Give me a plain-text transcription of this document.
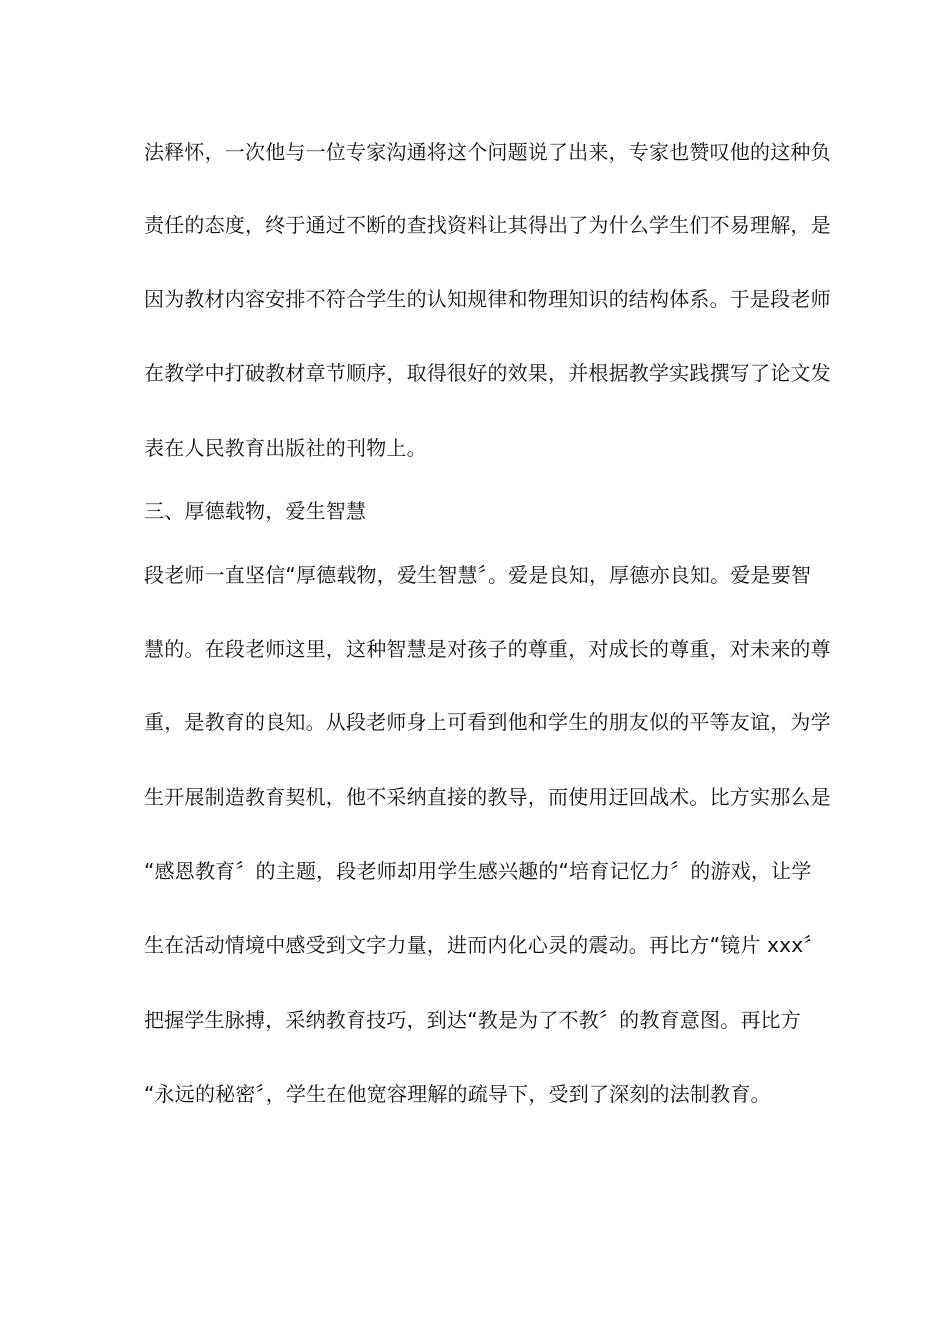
法释怀，一次他与一位专家沟通将这个问题说了出来，专家也赞叹他的这种负
责任的态度，终于通过不断的查找资料让其得出了为什么学生们不易理解，是
因为教材内容安排不符合学生的认知规律和物理知识的结构体系。于是段老师
在教学中打破教材章节顺序，取得很好的效果，并根据教学实践撰写了论文发
表在人民教育出版社的刊物上。
三、厚德载物，爱生智慧
段老师一直坚信“厚德载物，爱生智慧〞。爱是良知，厚德亦良知。爱是要智
慧的。在段老师这里，这种智慧是对孩子的尊重，对成长的尊重，对未来的尊
重，是教育的良知。从段老师身上可看到他和学生的朋友似的平等友谊，为学
生开展制造教育契机，他不采纳直接的教导，而使用迂回战术。比方实那么是
“感恩教育〞的主题，段老师却用学生感兴趣的“培育记忆力〞的游戏，让学
生在活动情境中感受到文字力量，进而内化心灵的震动。再比方“镜片 xxx〞
把握学生脉搏，采纳教育技巧，到达“教是为了不教〞的教育意图。再比方
“永远的秘密〞，学生在他宽容理解的疏导下，受到了深刻的法制教育。
